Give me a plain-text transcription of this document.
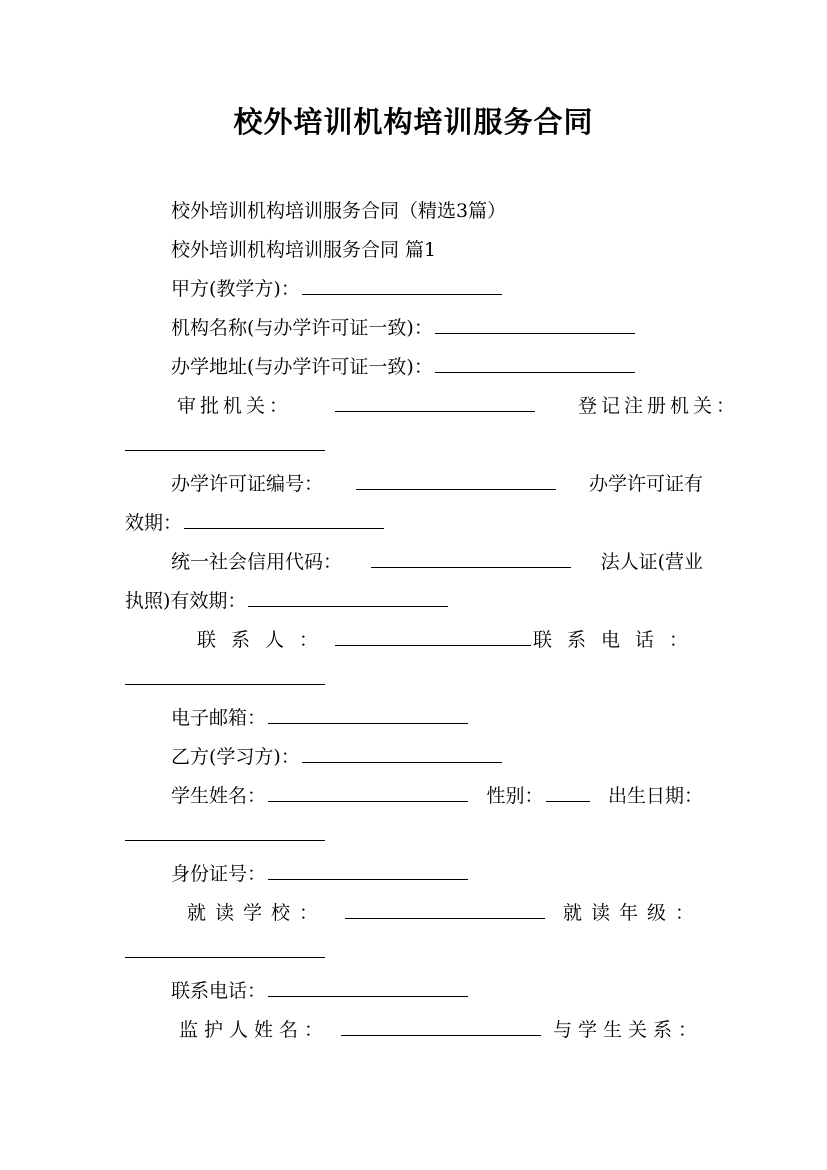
校外培训机构培训服务合同
校外培训机构培训服务合同（精选3篇）
校外培训机构培训服务合同 篇1
甲方(教学方)：
机构名称(与办学许可证一致)：
办学地址(与办学许可证一致)：
审批机关：	登记注册机关：
办学许可证编号：	办学许可证有
效期：
统一社会信用代码：	法人证(营业
执照)有效期：
联系人：	联系电话：
电子邮箱：
乙方(学习方)：
学生姓名：	性别：	出生日期：
身份证号：
就读学校：	就读年级：
联系电话：
监护人姓名：	与学生关系：
